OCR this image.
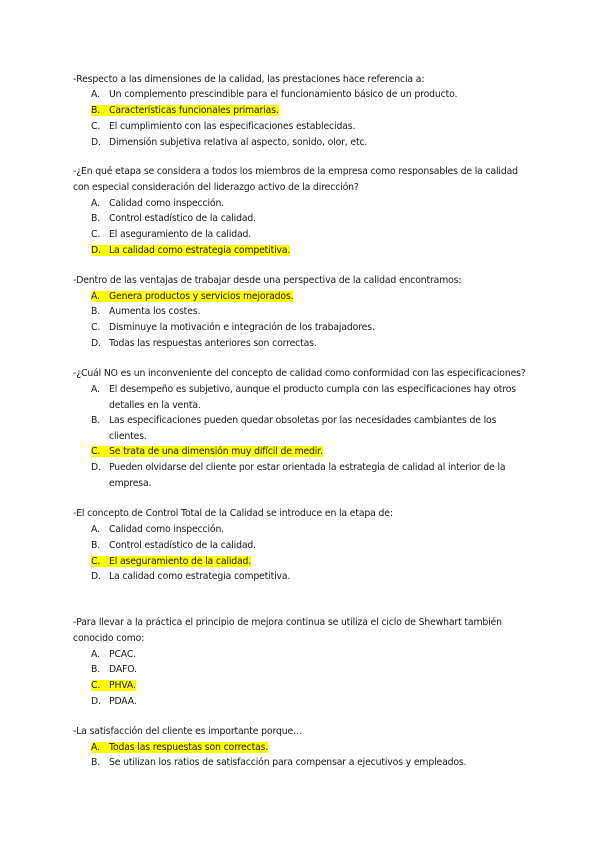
-Respecto a las dimensiones de la calidad, las prestaciones hace referencia a:
A. Un complemento prescindible para el funcionamiento básico de un producto.
B. Características funcionales primarias.
C. El cumplimiento con las especificaciones establecidas.
D. Dimensión subjetiva relativa al aspecto, sonido, olor, etc.
-¿En qué etapa se considera a todos los miembros de la empresa como responsables de la calidad
con especial consideración del liderazgo activo de la dirección?
A. Calidad como inspección.
B. Control estadístico de la calidad.
C. El aseguramiento de la calidad.
D. La calidad como estrategia competitiva.
-Dentro de las ventajas de trabajar desde una perspectiva de la calidad encontramos:
A. Genera productos y servicios mejorados.
B. Aumenta los costes.
C. Disminuye la motivación e integración de los trabajadores.
D. Todas las respuestas anteriores son correctas.
-¿Cuál NO es un inconveniente del concepto de calidad como conformidad con las especificaciones?
A. El desempeño es subjetivo, aunque el producto cumpla con las especificaciones hay otros
detalles en la venta.
B. Las especificaciones pueden quedar obsoletas por las necesidades cambiantes de los
clientes.
C. Se trata de una dimensión muy difícil de medir.
D. Pueden olvidarse del cliente por estar orientada la estrategia de calidad al interior de la
empresa.
-El concepto de Control Total de la Calidad se introduce en la etapa de:
A. Calidad como inspección.
B. Control estadístico de la calidad.
C. El aseguramiento de la calidad.
D. La calidad como estrategia competitiva.
-Para llevar a la práctica el principio de mejora continua se utiliza el ciclo de Shewhart también
conocido como:
A. PCAC.
B. DAFO.
C. PHVA.
D. PDAA.
-La satisfacción del cliente es importante porque…
A. Todas las respuestas son correctas.
B. Se utilizan los ratios de satisfacción para compensar a ejecutivos y empleados.
